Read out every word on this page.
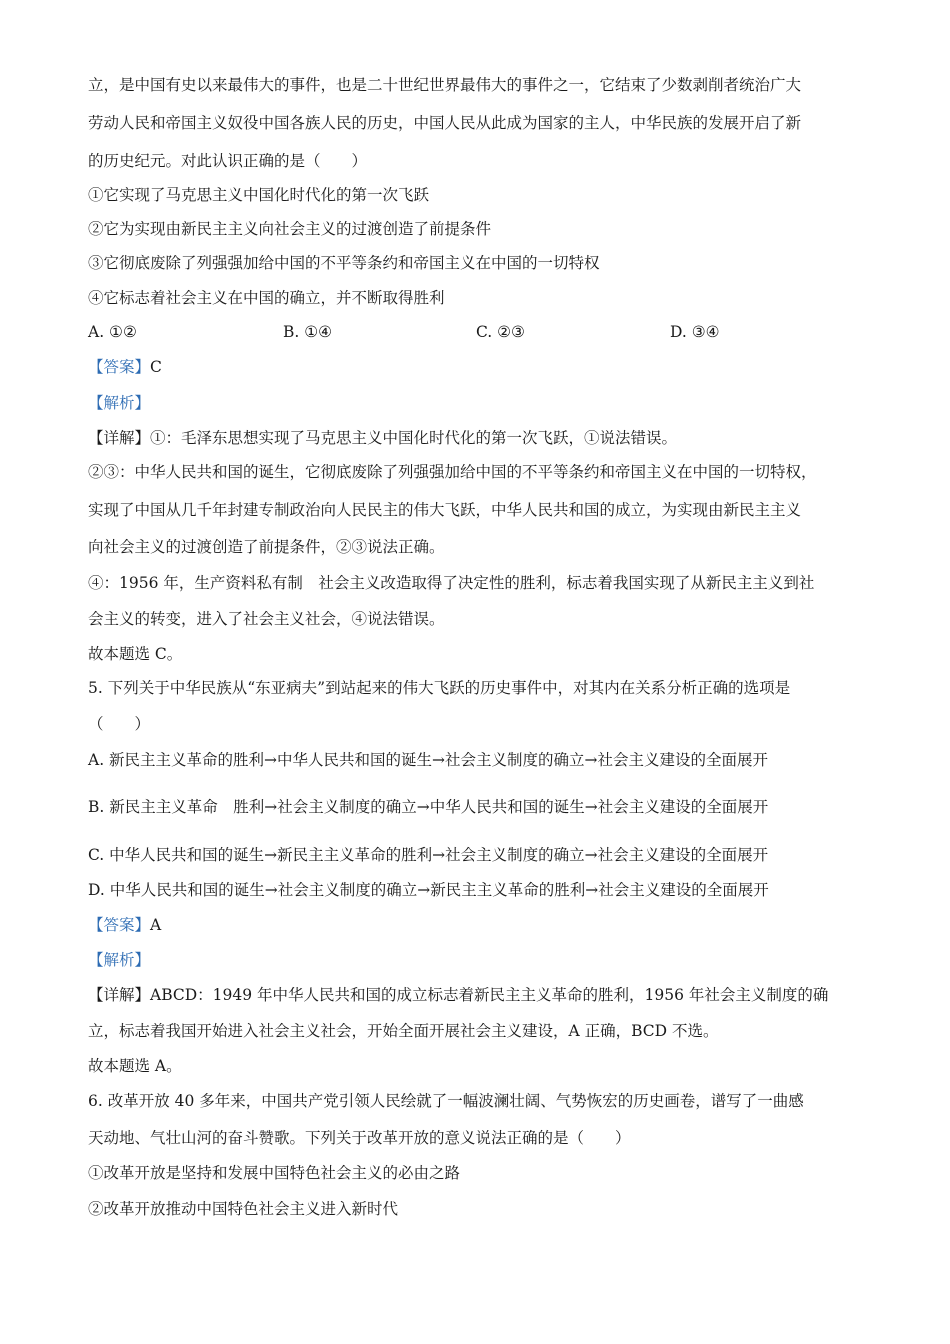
立，是中国有史以来最伟大的事件，也是二十世纪世界最伟大的事件之一，它结束了少数剥削者统治广大
劳动人民和帝国主义奴役中国各族人民的历史，中国人民从此成为国家的主人，中华民族的发展开启了新
的历史纪元。对此认识正确的是（　　）
①它实现了马克思主义中国化时代化的第一次飞跃
②它为实现由新民主主义向社会主义的过渡创造了前提条件
③它彻底废除了列强强加给中国的不平等条约和帝国主义在中国的一切特权
④它标志着社会主义在中国的确立，并不断取得胜利
A. ①②	B. ①④	C. ②③	D. ③④
【答案】C
【解析】
【详解】①：毛泽东思想实现了马克思主义中国化时代化的第一次飞跃，①说法错误。
②③：中华人民共和国的诞生，它彻底废除了列强强加给中国的不平等条约和帝国主义在中国的一切特权，
实现了中国从几千年封建专制政治向人民民主的伟大飞跃，中华人民共和国的成立，为实现由新民主主义
向社会主义的过渡创造了前提条件，②③说法正确。
④：1956 年，生产资料私有制　社会主义改造取得了决定性的胜利，标志着我国实现了从新民主主义到社
会主义的转变，进入了社会主义社会，④说法错误。
故本题选 C。
5. 下列关于中华民族从“东亚病夫”到站起来的伟大飞跃的历史事件中，对其内在关系分析正确的选项是
（　　）
A. 新民主主义革命的胜利→中华人民共和国的诞生→社会主义制度的确立→社会主义建设的全面展开
B. 新民主主义革命　胜利→社会主义制度的确立→中华人民共和国的诞生→社会主义建设的全面展开
C. 中华人民共和国的诞生→新民主主义革命的胜利→社会主义制度的确立→社会主义建设的全面展开
D. 中华人民共和国的诞生→社会主义制度的确立→新民主主义革命的胜利→社会主义建设的全面展开
【答案】A
【解析】
【详解】ABCD：1949 年中华人民共和国的成立标志着新民主主义革命的胜利，1956 年社会主义制度的确
立，标志着我国开始进入社会主义社会，开始全面开展社会主义建设，A 正确，BCD 不选。
故本题选 A。
6. 改革开放 40 多年来，中国共产党引领人民绘就了一幅波澜壮阔、气势恢宏的历史画卷，谱写了一曲感
天动地、气壮山河的奋斗赞歌。下列关于改革开放的意义说法正确的是（　　）
①改革开放是坚持和发展中国特色社会主义的必由之路
②改革开放推动中国特色社会主义进入新时代
